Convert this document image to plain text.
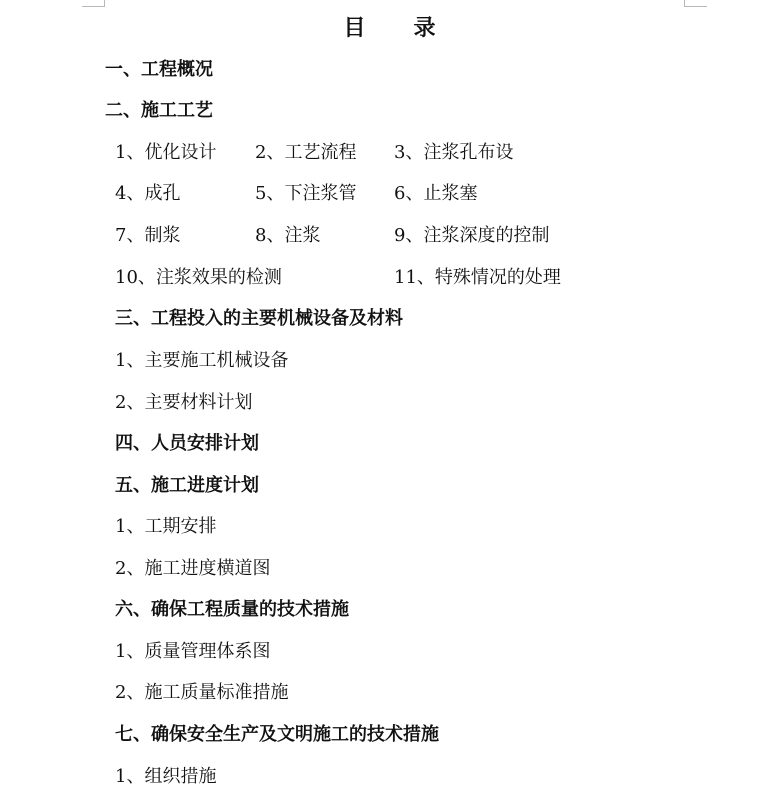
目 录
一、工程概况
二、施工工艺
1、优化设计 2、工艺流程 3、注浆孔布设
4、成孔	5、下注浆管 6、止浆塞
7、制浆	8、注浆	9、注浆深度的控制
10、注浆效果的检测	11、特殊情况的处理
三、工程投入的主要机械设备及材料
1、主要施工机械设备
2、主要材料计划
四、人员安排计划
五、施工进度计划
1、工期安排
2、施工进度横道图
六、确保工程质量的技术措施
1、质量管理体系图
2、施工质量标准措施
七、确保安全生产及文明施工的技术措施
1、组织措施
